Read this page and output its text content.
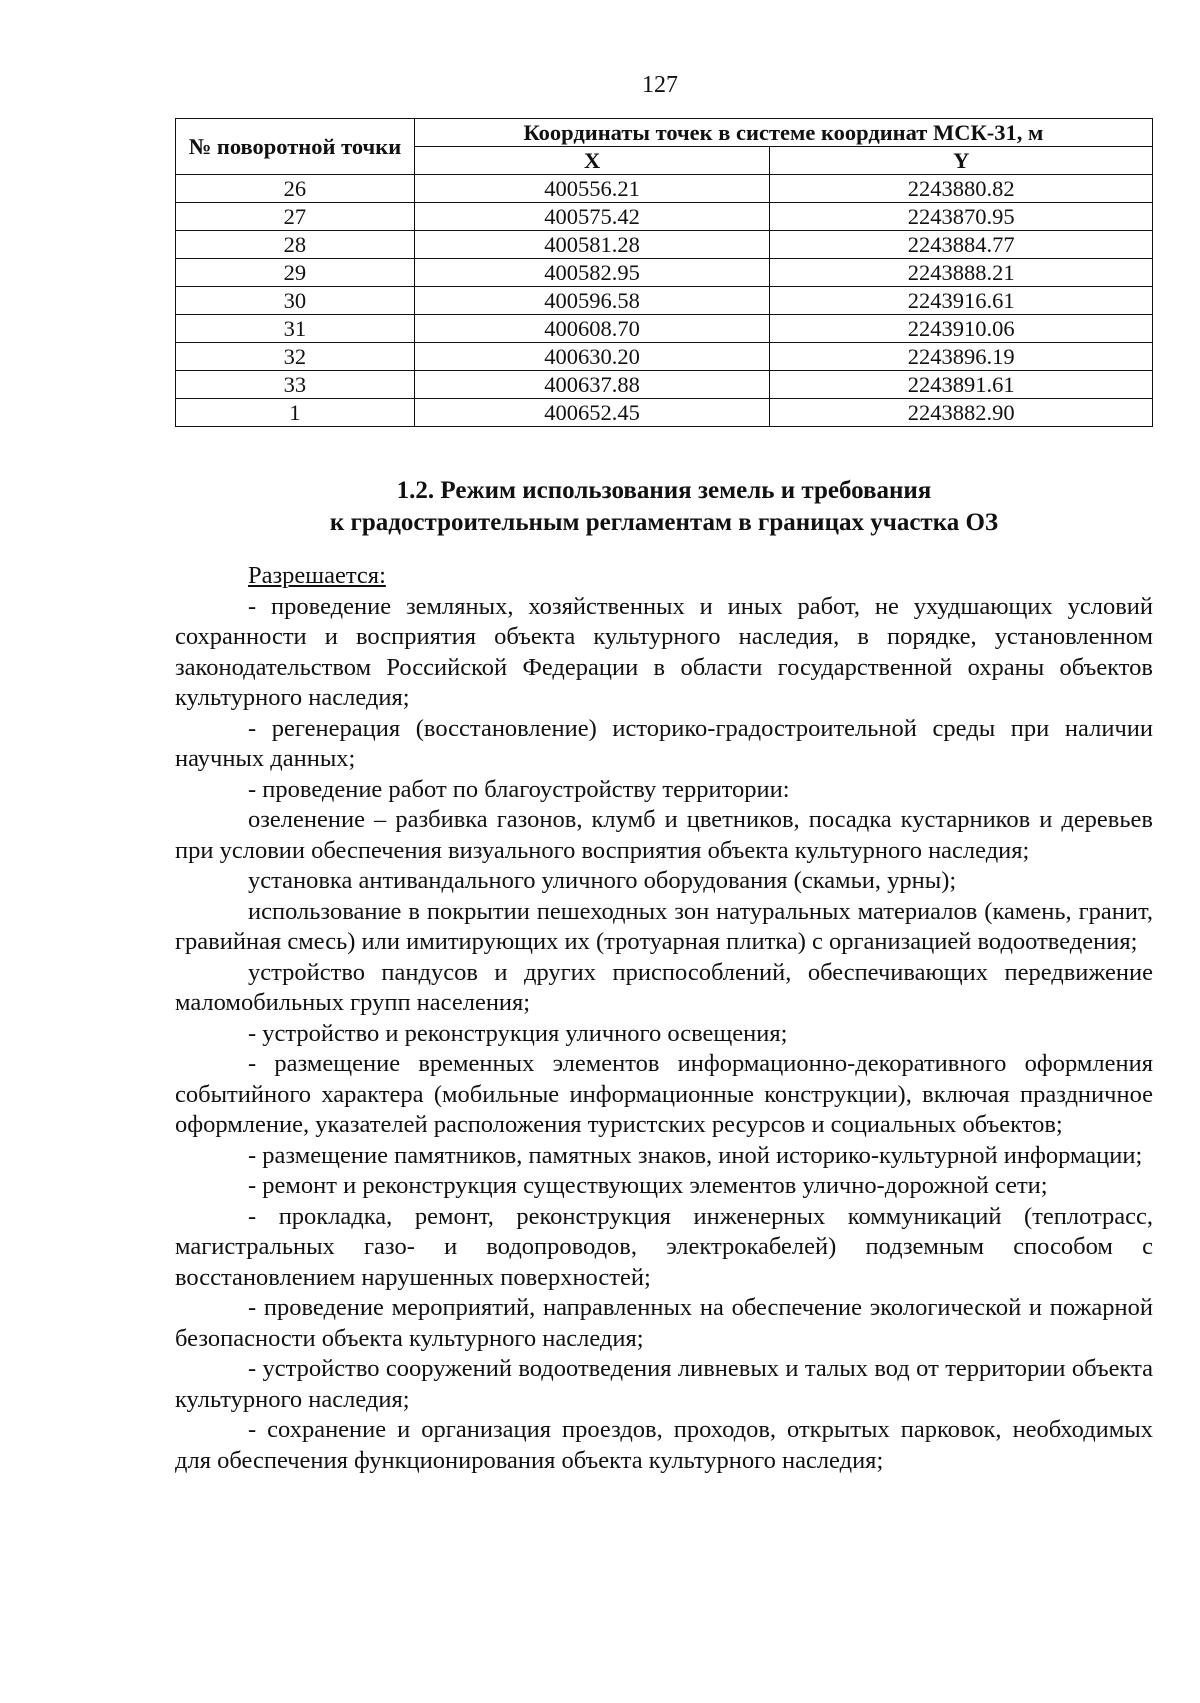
127
№ поворотной точки	Координаты точек в системе координат МСК-31, м	
	X	Y
26	400556.21	2243880.82
27	400575.42	2243870.95
28	400581.28	2243884.77
29	400582.95	2243888.21
30	400596.58	2243916.61
31	400608.70	2243910.06
32	400630.20	2243896.19
33	400637.88	2243891.61
1	400652.45	2243882.90
1.2. Режим использования земель и требования
к градостроительным регламентам в границах участка ОЗ

Разрешается:

- проведение земляных, хозяйственных и иных работ, не ухудшающих условий сохранности и восприятия объекта культурного наследия, в порядке, установленном законодательством Российской Федерации в области государственной охраны объектов культурного наследия;

- регенерация (восстановление) историко-градостроительной среды при наличии научных данных;

- проведение работ по благоустройству территории:

озеленение – разбивка газонов, клумб и цветников, посадка кустарников и деревьев при условии обеспечения визуального восприятия объекта культурного наследия;

установка антивандального уличного оборудования (скамьи, урны);

использование в покрытии пешеходных зон натуральных материалов (камень, гранит, гравийная смесь) или имитирующих их (тротуарная плитка) с организацией водоотведения;

устройство пандусов и других приспособлений, обеспечивающих передвижение маломобильных групп населения;

- устройство и реконструкция уличного освещения;

- размещение временных элементов информационно-декоративного оформления событийного характера (мобильные информационные конструкции), включая праздничное оформление, указателей расположения туристских ресурсов и социальных объектов;

- размещение памятников, памятных знаков, иной историко-культурной информации;

- ремонт и реконструкция существующих элементов улично-дорожной сети;

- прокладка, ремонт, реконструкция инженерных коммуникаций (теплотрасс, магистральных газо- и водопроводов, электрокабелей) подземным способом с восстановлением нарушенных поверхностей;

- проведение мероприятий, направленных на обеспечение экологической и пожарной безопасности объекта культурного наследия;

- устройство сооружений водоотведения ливневых и талых вод от территории объекта культурного наследия;

- сохранение и организация проездов, проходов, открытых парковок, необходимых для обеспечения функционирования объекта культурного наследия;
